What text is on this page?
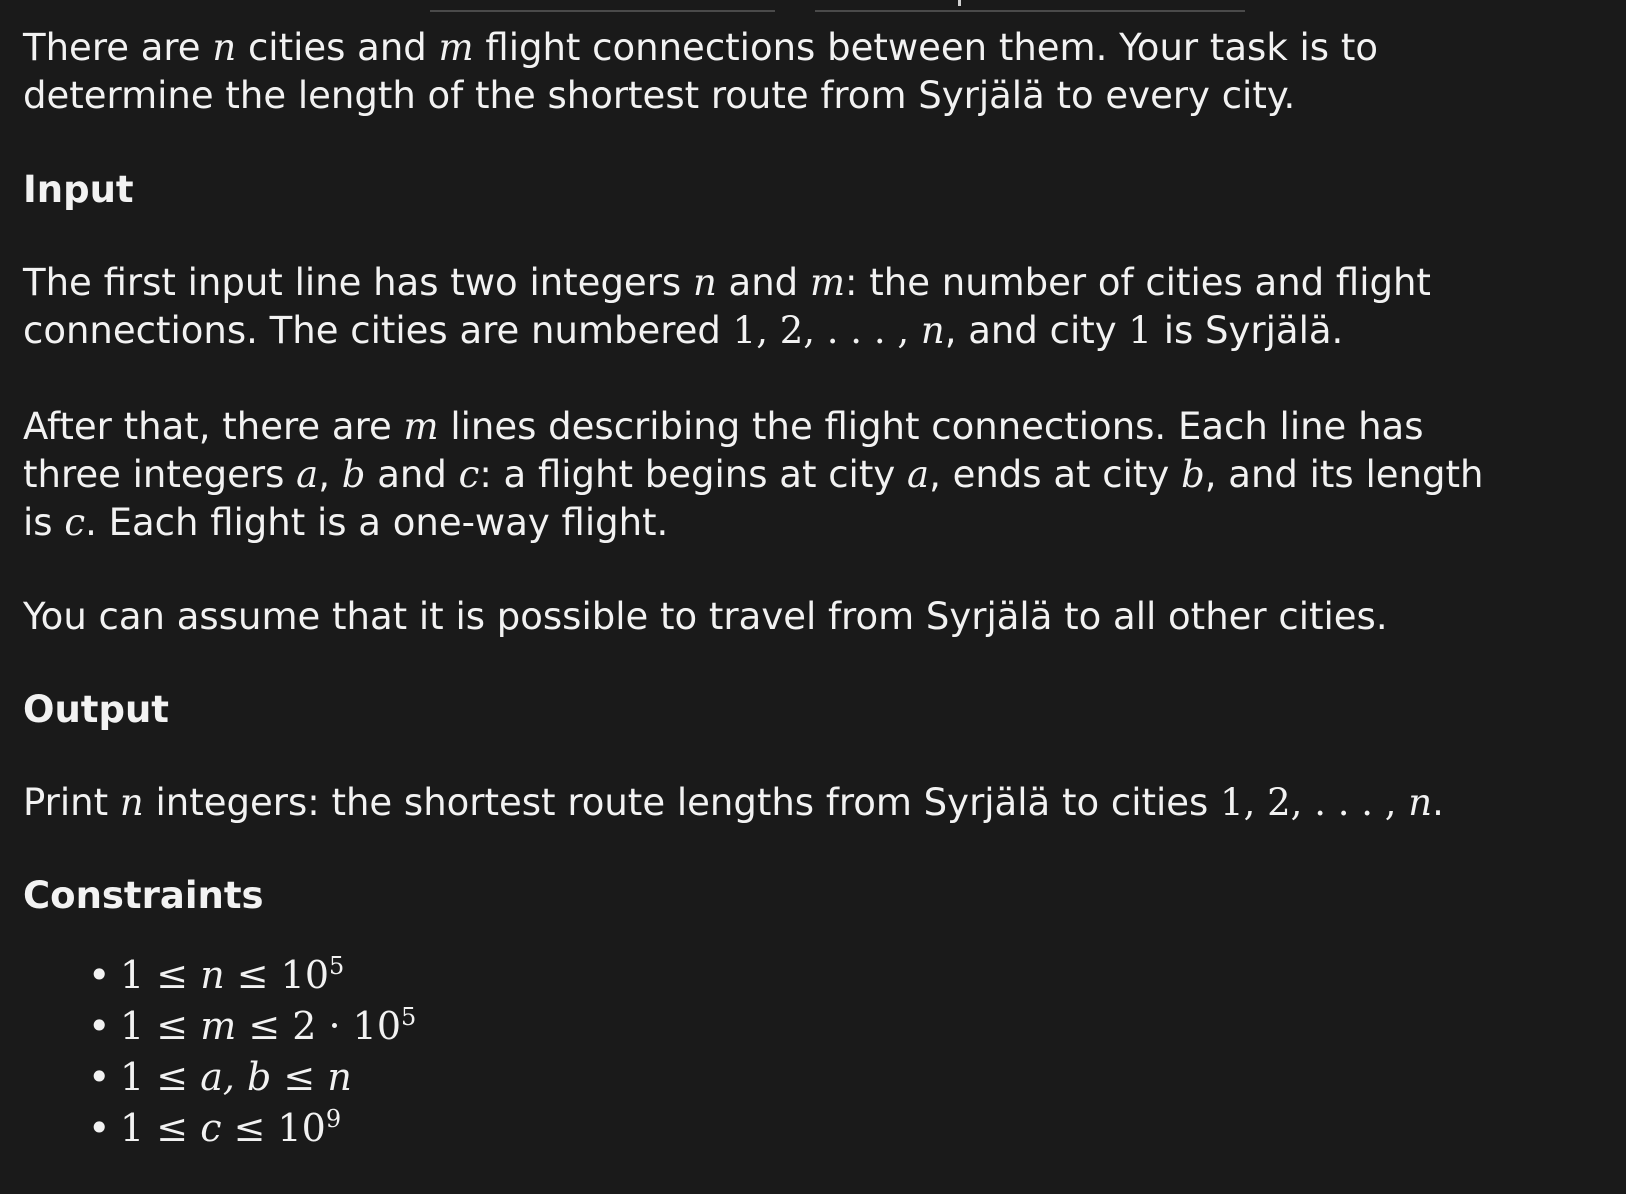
There are n cities and m flight connections between them. Your task is to
determine the length of the shortest route from Syrjälä to every city.

Input

The first input line has two integers n and m: the number of cities and flight
connections. The cities are numbered 1, 2, . . . , n, and city 1 is Syrjälä.

After that, there are m lines describing the flight connections. Each line has
three integers a, b and c: a flight begins at city a, ends at city b, and its length
is c. Each flight is a one-way flight.

You can assume that it is possible to travel from Syrjälä to all other cities.

Output

Print n integers: the shortest route lengths from Syrjälä to cities 1, 2, . . . , n.

Constraints
• $1 \le n \le 10^5$
• $1 \le m \le 2 \cdot 10^5$
• 1 ≤ a, b ≤ n
• $1 \le c \le 10^9$
